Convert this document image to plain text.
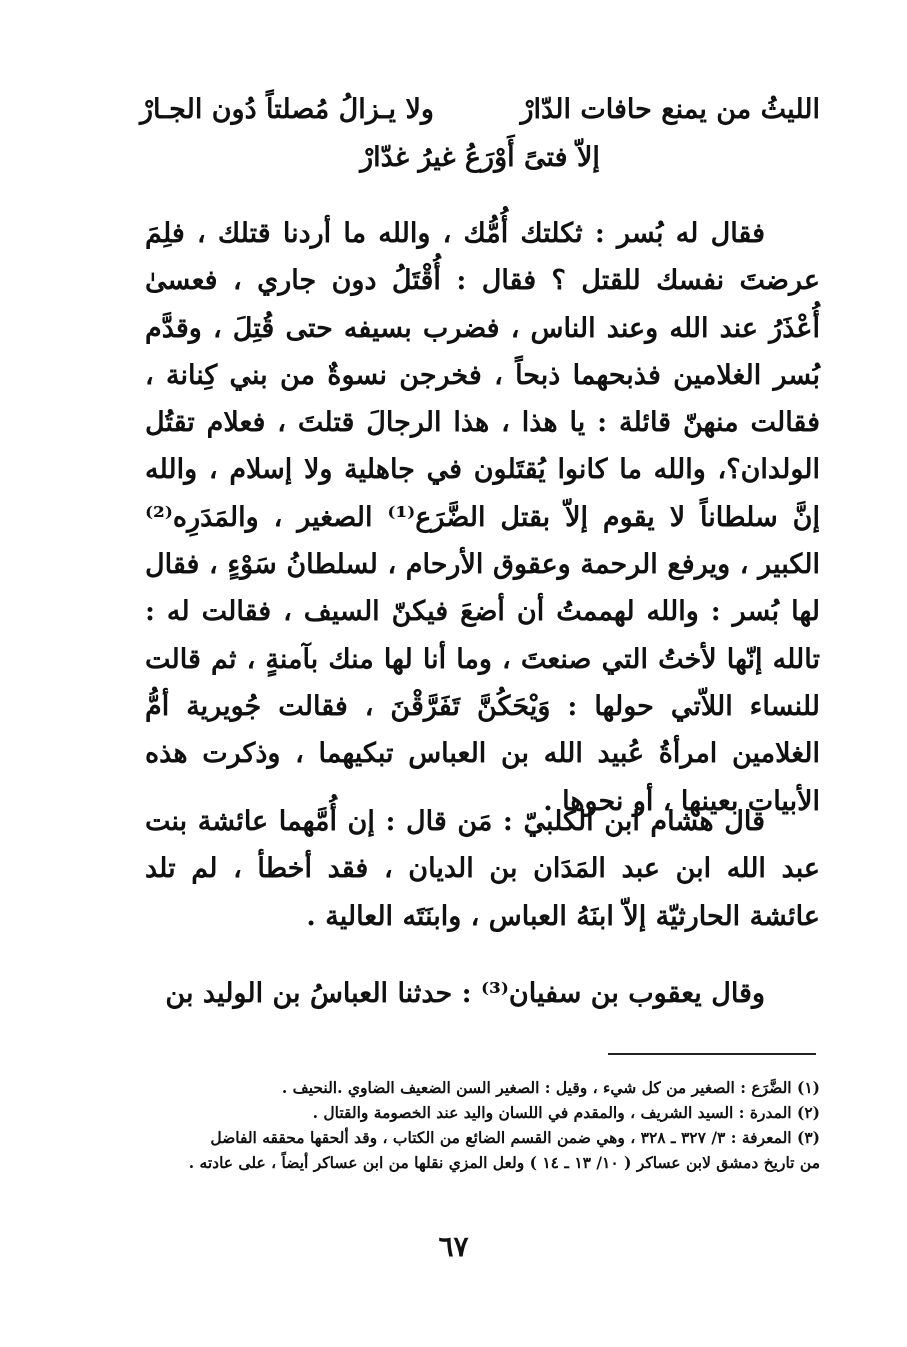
الليثُ من يمنع حافات الدّارْ
ولا يـزالُ مُصلتاً دُون الجـارْ
إلاّ فتىً أَوْرَعُ غيرُ غدّارْ
فقال له بُسر : ثكلتك أُمُّك ، والله ما أردنا قتلك ، فلِمَ عرضتَ نفسك للقتل ؟ فقال : أُقْتَلُ دون جاري ، فعسىٰ أُعْذَرُ عند الله وعند الناس ، فضرب بسيفه حتى قُتِلَ ، وقدَّم بُسر الغلامين فذبحهما ذبحاً ، فخرجن نسوةٌ من بني كِنانة ، فقالت منهنّ قائلة : يا هذا ، هذا الرجالَ قتلتَ ، فعلام تقتُل الولدان؟، والله ما كانوا يُقتَلون في جاهلية ولا إسلام ، والله إنَّ سلطاناً لا يقوم إلاّ بقتل الضَّرَع⁽¹⁾ الصغير ، والمَدَرِه⁽²⁾ الكبير ، ويرفع الرحمة وعقوق الأرحام ، لسلطانُ سَوْءٍ ، فقال لها بُسر : والله لهممتُ أن أضعَ فيكنّ السيف ، فقالت له : تالله إنّها لأختُ التي صنعتَ ، وما أنا لها منك بآمنةٍ ، ثم قالت للنساء اللاّتي حولها : وَيْحَكُنَّ تَفَرَّقْنَ ، فقالت جُويرية أمُّ الغلامين امرأةُ عُبيد الله بن العباس تبكيهما ، وذكرت هذه الأبيات بعينها ، أو نحوها .
قال هشام ابن الكلبيّ : مَن قال : إن أُمَّهما عائشة بنت عبد الله ابن عبد المَدَان بن الديان ، فقد أخطأ ، لم تلد عائشة الحارثيّة إلاّ ابنَهُ العباس ، وابنَتَه العالية .
وقال يعقوب بن سفيان⁽³⁾ : حدثنا العباسُ بن الوليد بن
(١) الضَّرَع : الصغير من كل شيء ، وقيل : الصغير السن الضعيف الضاوي .النحيف .
(٢) المدرة : السيد الشريف ، والمقدم في اللسان واليد عند الخصومة والقتال .
(٣) المعرفة : ٣/ ٣٢٧ ـ ٣٢٨ ، وهي ضمن القسم الضائع من الكتاب ، وقد ألحقها محققه الفاضل
من تاريخ دمشق لابن عساكر ( ١٠/ ١٣ ـ ١٤ ) ولعل المزي نقلها من ابن عساكر أيضاً ، على عادته .
٦٧
